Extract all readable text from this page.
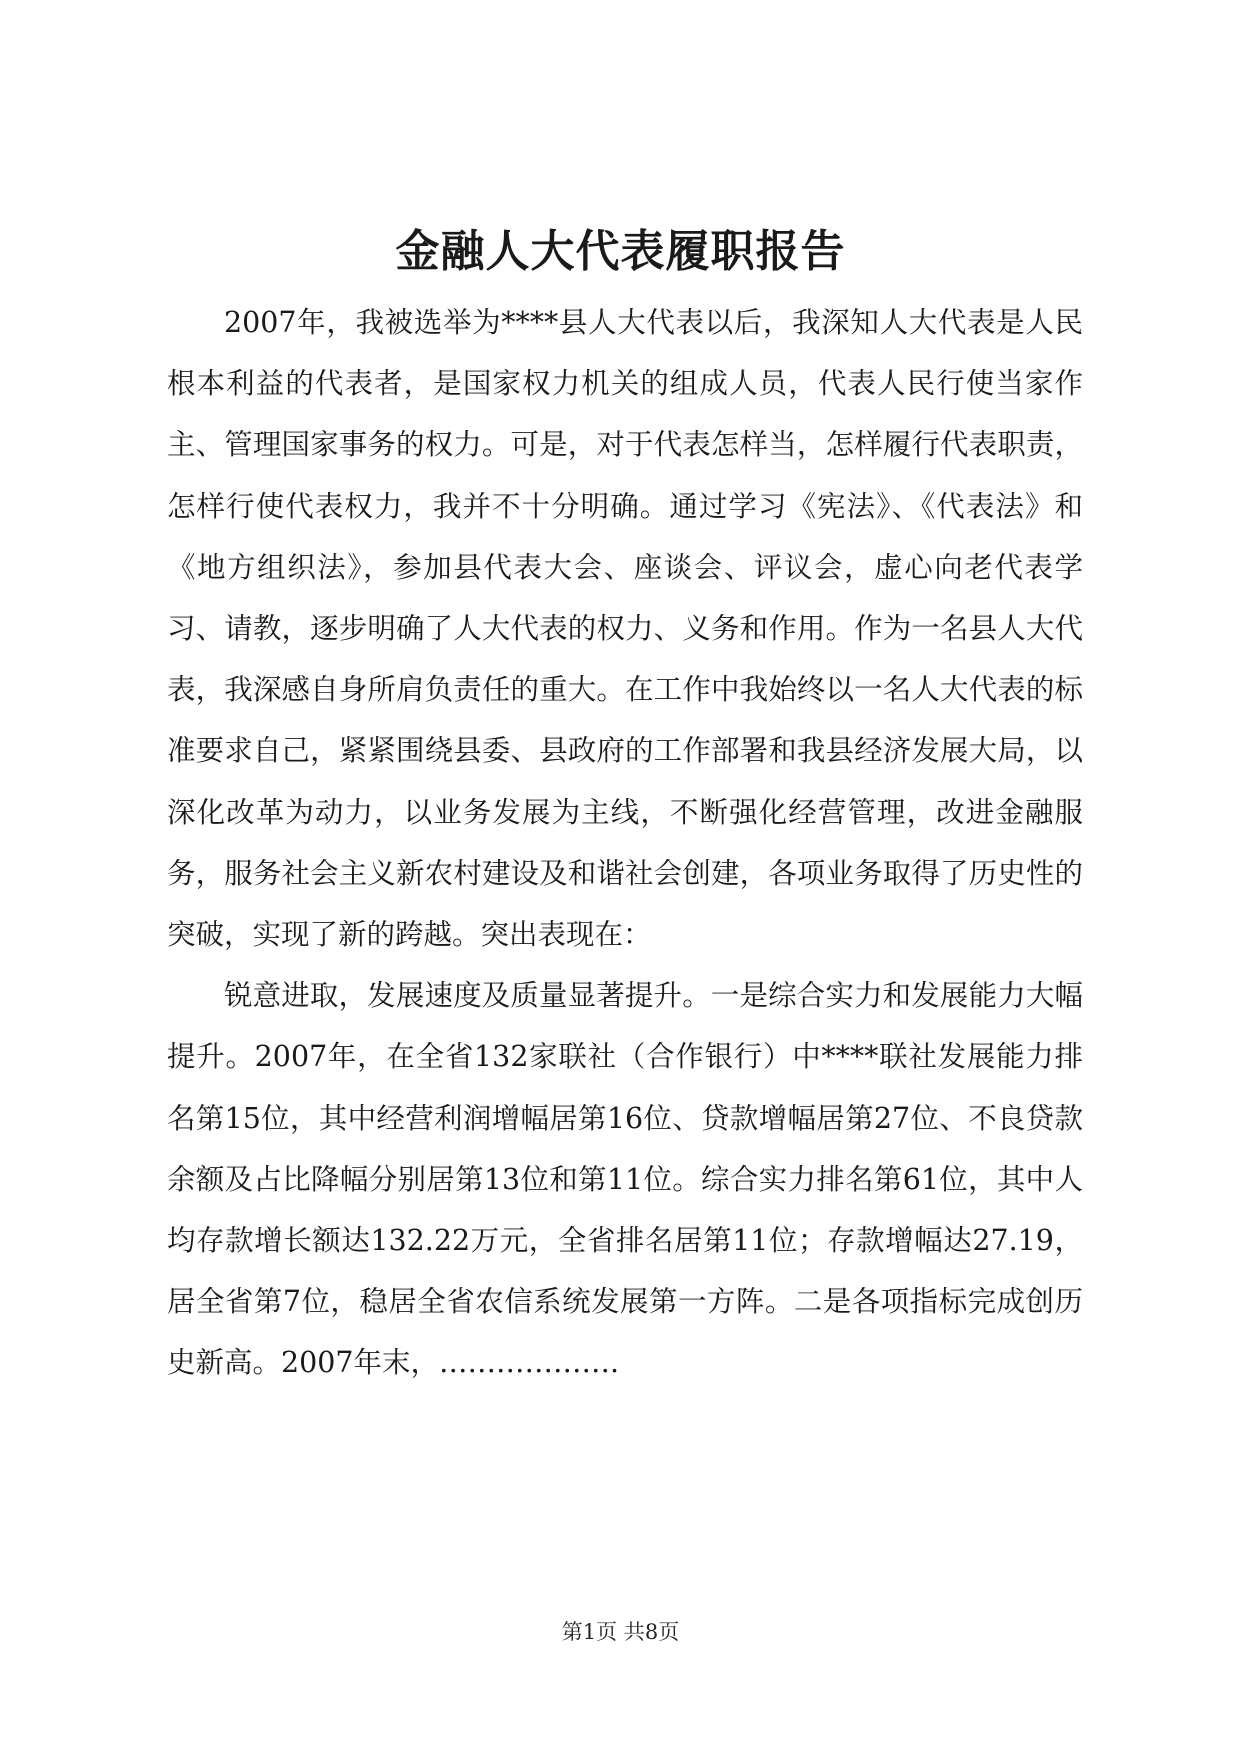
金融人大代表履职报告

2007年，我被选举为****县人大代表以后，我深知人大代表是人民根本利益的代表者，是国家权力机关的组成人员，代表人民行使当家作主、管理国家事务的权力。可是，对于代表怎样当，怎样履行代表职责，怎样行使代表权力，我并不十分明确。通过学习《宪法》、《代表法》和《地方组织法》，参加县代表大会、座谈会、评议会，虚心向老代表学习、请教，逐步明确了人大代表的权力、义务和作用。作为一名县人大代表，我深感自身所肩负责任的重大。在工作中我始终以一名人大代表的标准要求自己，紧紧围绕县委、县政府的工作部署和我县经济发展大局，以深化改革为动力，以业务发展为主线，不断强化经营管理，改进金融服务，服务社会主义新农村建设及和谐社会创建，各项业务取得了历史性的突破，实现了新的跨越。突出表现在：

锐意进取，发展速度及质量显著提升。一是综合实力和发展能力大幅提升。2007年，在全省132家联社（合作银行）中****联社发展能力排名第15位，其中经营利润增幅居第16位、贷款增幅居第27位、不良贷款余额及占比降幅分别居第13位和第11位。综合实力排名第61位，其中人均存款增长额达132.22万元，全省排名居第11位；存款增幅达27.19，居全省第7位，稳居全省农信系统发展第一方阵。二是各项指标完成创历史新高。2007年末，……………….

第1页 共8页
